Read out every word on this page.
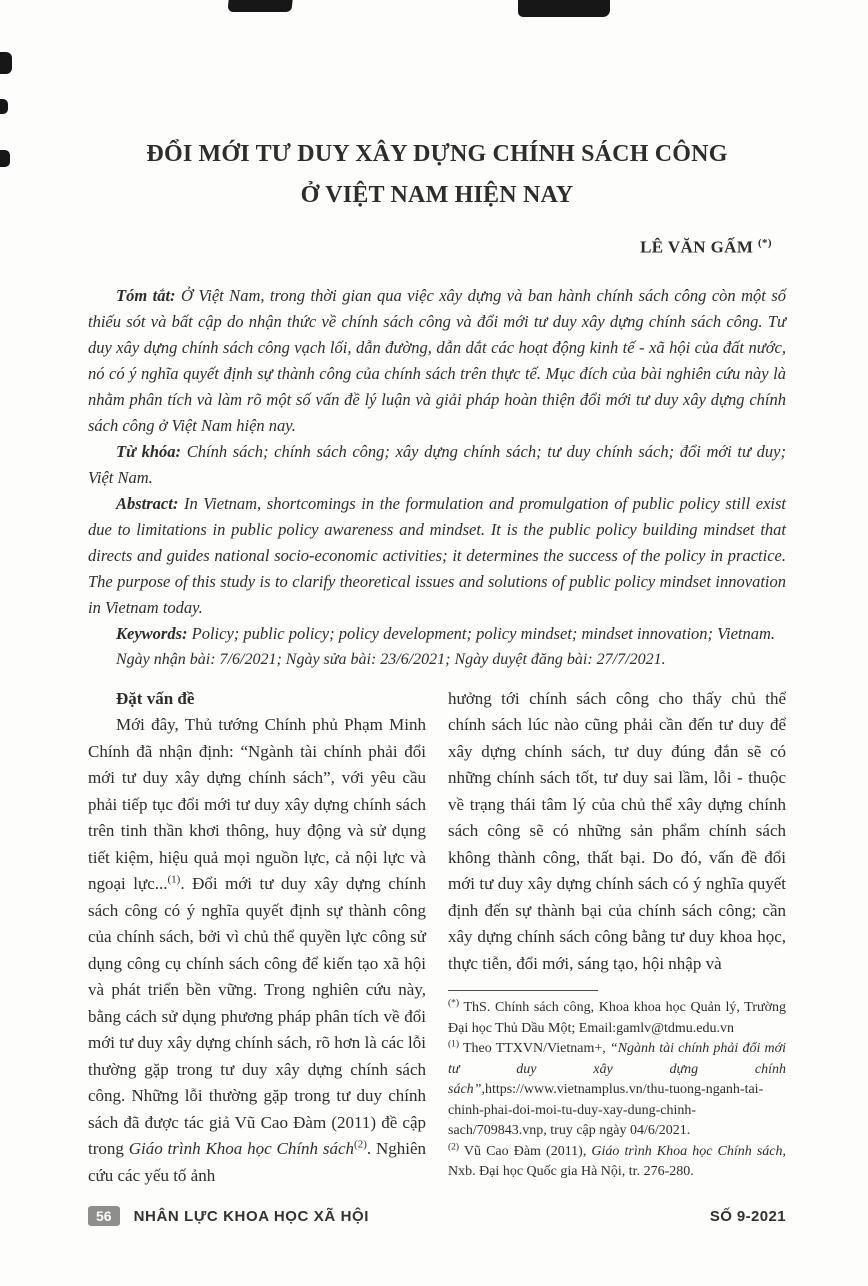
ĐỔI MỚI TƯ DUY XÂY DỰNG CHÍNH SÁCH CÔNG
Ở VIỆT NAM HIỆN NAY
LÊ VĂN GẤM (*)

Tóm tắt: Ở Việt Nam, trong thời gian qua việc xây dựng và ban hành chính sách công còn một số thiếu sót và bất cập do nhận thức về chính sách công và đổi mới tư duy xây dựng chính sách công. Tư duy xây dựng chính sách công vạch lối, dẫn đường, dẫn dắt các hoạt động kinh tế - xã hội của đất nước, nó có ý nghĩa quyết định sự thành công của chính sách trên thực tế. Mục đích của bài nghiên cứu này là nhằm phân tích và làm rõ một số vấn đề lý luận và giải pháp hoàn thiện đổi mới tư duy xây dựng chính sách công ở Việt Nam hiện nay.

Từ khóa: Chính sách; chính sách công; xây dựng chính sách; tư duy chính sách; đổi mới tư duy; Việt Nam.

Abstract: In Vietnam, shortcomings in the formulation and promulgation of public policy still exist due to limitations in public policy awareness and mindset. It is the public policy building mindset that directs and guides national socio-economic activities; it determines the success of the policy in practice. The purpose of this study is to clarify theoretical issues and solutions of public policy mindset innovation in Vietnam today.

Keywords: Policy; public policy; policy development; policy mindset; mindset innovation; Vietnam.

Ngày nhận bài: 7/6/2021; Ngày sửa bài: 23/6/2021; Ngày duyệt đăng bài: 27/7/2021.

Đặt vấn đề

Mới đây, Thủ tướng Chính phủ Phạm Minh Chính đã nhận định: “Ngành tài chính phải đổi mới tư duy xây dựng chính sách”, với yêu cầu phải tiếp tục đổi mới tư duy xây dựng chính sách trên tinh thần khơi thông, huy động và sử dụng tiết kiệm, hiệu quả mọi nguồn lực, cả nội lực và ngoại lực...$^{(1)}$. Đổi mới tư duy xây dựng chính sách công có ý nghĩa quyết định sự thành công của chính sách, bởi vì chủ thể quyền lực công sử dụng công cụ chính sách công để kiến tạo xã hội và phát triển bền vững. Trong nghiên cứu này, bằng cách sử dụng phương pháp phân tích về đổi mới tư duy xây dựng chính sách, rõ hơn là các lỗi thường gặp trong tư duy xây dựng chính sách công. Những lỗi thường gặp trong tư duy chính sách đã được tác giả Vũ Cao Đàm (2011) đề cập trong Giáo trình Khoa học Chính sách$^{(2)}$. Nghiên cứu các yếu tố ảnh

hưởng tới chính sách công cho thấy chủ thể chính sách lúc nào cũng phải cần đến tư duy để xây dựng chính sách, tư duy đúng đắn sẽ có những chính sách tốt, tư duy sai lầm, lỗi - thuộc về trạng thái tâm lý của chủ thể xây dựng chính sách công sẽ có những sản phẩm chính sách không thành công, thất bại. Do đó, vấn đề đổi mới tư duy xây dựng chính sách có ý nghĩa quyết định đến sự thành bại của chính sách công; cần xây dựng chính sách công bằng tư duy khoa học, thực tiễn, đổi mới, sáng tạo, hội nhập và

(*) ThS. Chính sách công, Khoa khoa học Quản lý, Trường Đại học Thủ Dầu Một; Email:gamlv@tdmu.edu.vn

$^{(1)}$ Theo TTXVN/Vietnam+, “Ngành tài chính phải đổi mới tư duy xây dựng chính sách”,https://www.vietnamplus.vn/thu-tuong-nganh-tai-chinh-phai-doi-moi-tu-duy-xay-dung-chinh-sach/709843.vnp, truy cập ngày 04/6/2021.

$^{(2)}$ Vũ Cao Đàm (2011), Giáo trình Khoa học Chính sách, Nxb. Đại học Quốc gia Hà Nội, tr. 276-280.

56	NHÂN LỰC KHOA HỌC XÃ HỘI	SỐ 9-2021
